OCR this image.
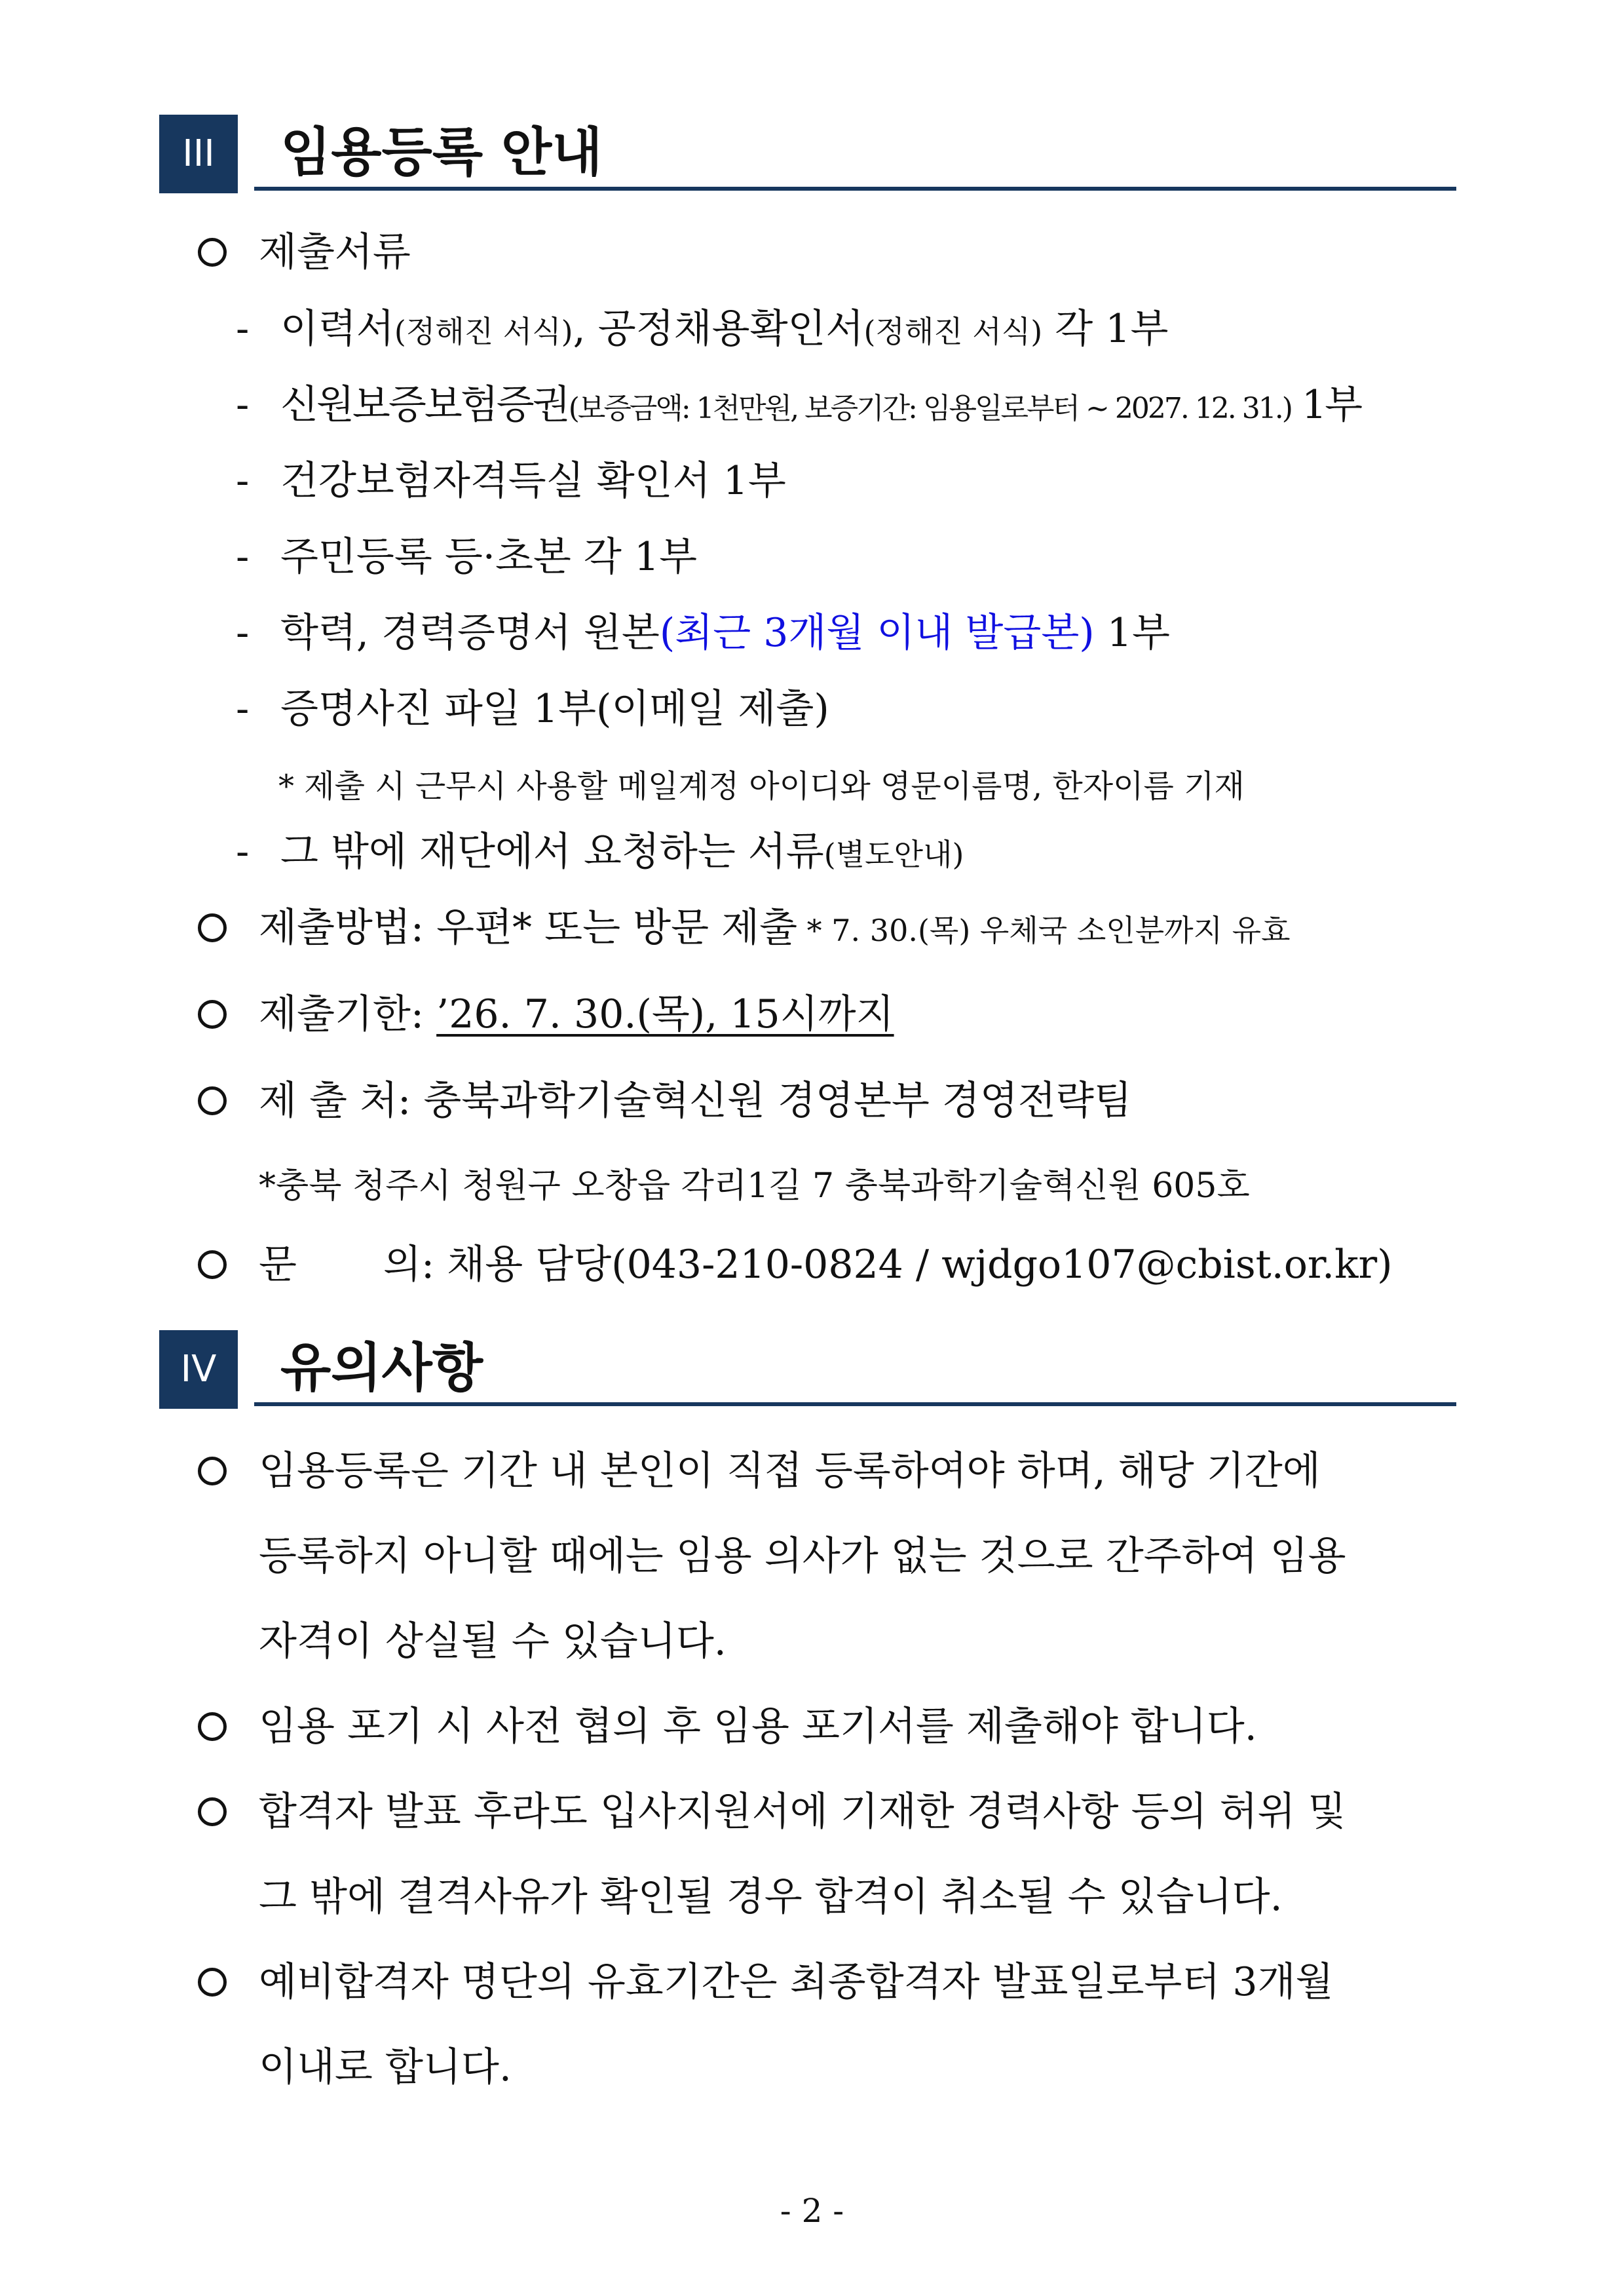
III	임용등록 안내
제출서류
- 이력서(정해진 서식), 공정채용확인서(정해진 서식) 각 1부
- 신원보증보험증권(보증금액: 1천만원, 보증기간: 임용일로부터 ~ 2027. 12. 31.) 1부
- 건강보험자격득실 확인서 1부
- 주민등록 등·초본 각 1부
- 학력, 경력증명서 원본(최근 3개월 이내 발급본) 1부
- 증명사진 파일 1부(이메일 제출)
* 제출 시 근무시 사용할 메일계정 아이디와 영문이름명, 한자이름 기재
- 그 밖에 재단에서 요청하는 서류(별도안내)
제출방법: 우편* 또는 방문 제출 * 7. 30.(목) 우체국 소인분까지 유효
제출기한: ’26. 7. 30.(목), 15시까지
제 출 처: 충북과학기술혁신원 경영본부 경영전략팀
*충북 청주시 청원구 오창읍 각리1길 7 충북과학기술혁신원 605호
문 의: 채용 담당(043-210-0824 / wjdgo107@cbist.or.kr)
IV	유의사항
임용등록은 기간 내 본인이 직접 등록하여야 하며, 해당 기간에
등록하지 아니할 때에는 임용 의사가 없는 것으로 간주하여 임용
자격이 상실될 수 있습니다.
임용 포기 시 사전 협의 후 임용 포기서를 제출해야 합니다.
합격자 발표 후라도 입사지원서에 기재한 경력사항 등의 허위 및
그 밖에 결격사유가 확인될 경우 합격이 취소될 수 있습니다.
예비합격자 명단의 유효기간은 최종합격자 발표일로부터 3개월
이내로 합니다.
- 2 -
